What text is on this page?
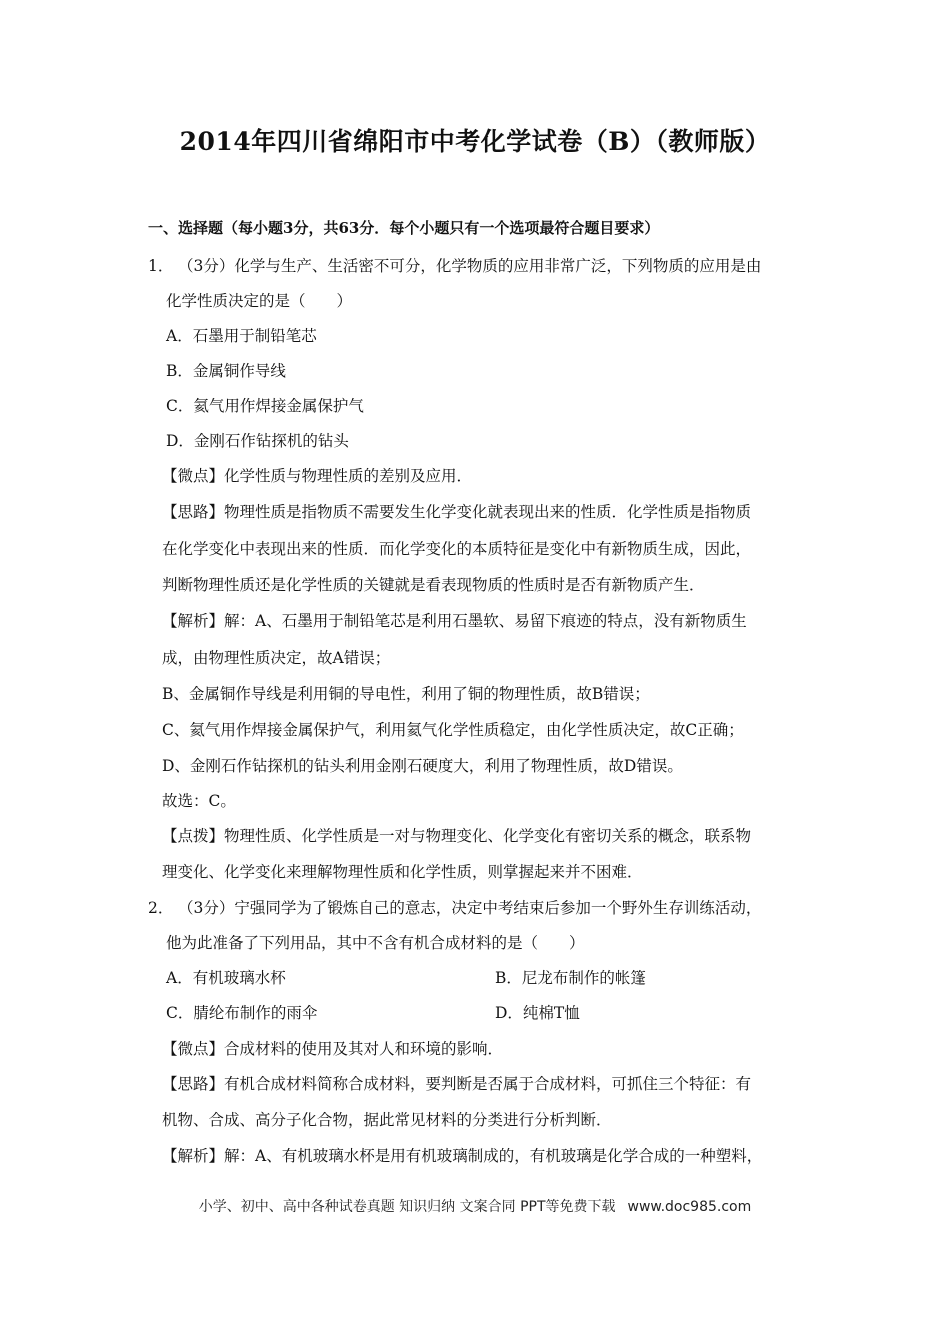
2014年四川省绵阳市中考化学试卷（B）（教师版）
一、选择题（每小题3分，共63分．每个小题只有一个选项最符合题目要求）
1． （3分）化学与生产、生活密不可分，化学物质的应用非常广泛，下列物质的应用是由
化学性质决定的是（　　）
A．石墨用于制铅笔芯
B．金属铜作导线
C．氦气用作焊接金属保护气
D．金刚石作钻探机的钻头
【微点】化学性质与物理性质的差别及应用．
【思路】物理性质是指物质不需要发生化学变化就表现出来的性质．化学性质是指物质
在化学变化中表现出来的性质．而化学变化的本质特征是变化中有新物质生成，因此，
判断物理性质还是化学性质的关键就是看表现物质的性质时是否有新物质产生．
【解析】解：A、石墨用于制铅笔芯是利用石墨软、易留下痕迹的特点，没有新物质生
成，由物理性质决定，故A错误；
B、金属铜作导线是利用铜的导电性，利用了铜的物理性质，故B错误；
C、氦气用作焊接金属保护气，利用氦气化学性质稳定，由化学性质决定，故C正确；
D、金刚石作钻探机的钻头利用金刚石硬度大，利用了物理性质，故D错误。
故选：C。
【点拨】物理性质、化学性质是一对与物理变化、化学变化有密切关系的概念，联系物
理变化、化学变化来理解物理性质和化学性质，则掌握起来并不困难．
2． （3分）宁强同学为了锻炼自己的意志，决定中考结束后参加一个野外生存训练活动，
他为此准备了下列用品，其中不含有机合成材料的是（　　）
A．有机玻璃水杯	B．尼龙布制作的帐篷
C．腈纶布制作的雨伞	D．纯棉T恤
【微点】合成材料的使用及其对人和环境的影响．
【思路】有机合成材料简称合成材料，要判断是否属于合成材料，可抓住三个特征：有
机物、合成、高分子化合物，据此常见材料的分类进行分析判断．
【解析】解：A、有机玻璃水杯是用有机玻璃制成的，有机玻璃是化学合成的一种塑料，
小学、初中、高中各种试卷真题 知识归纳 文案合同 PPT等免费下载 www.doc985.com
